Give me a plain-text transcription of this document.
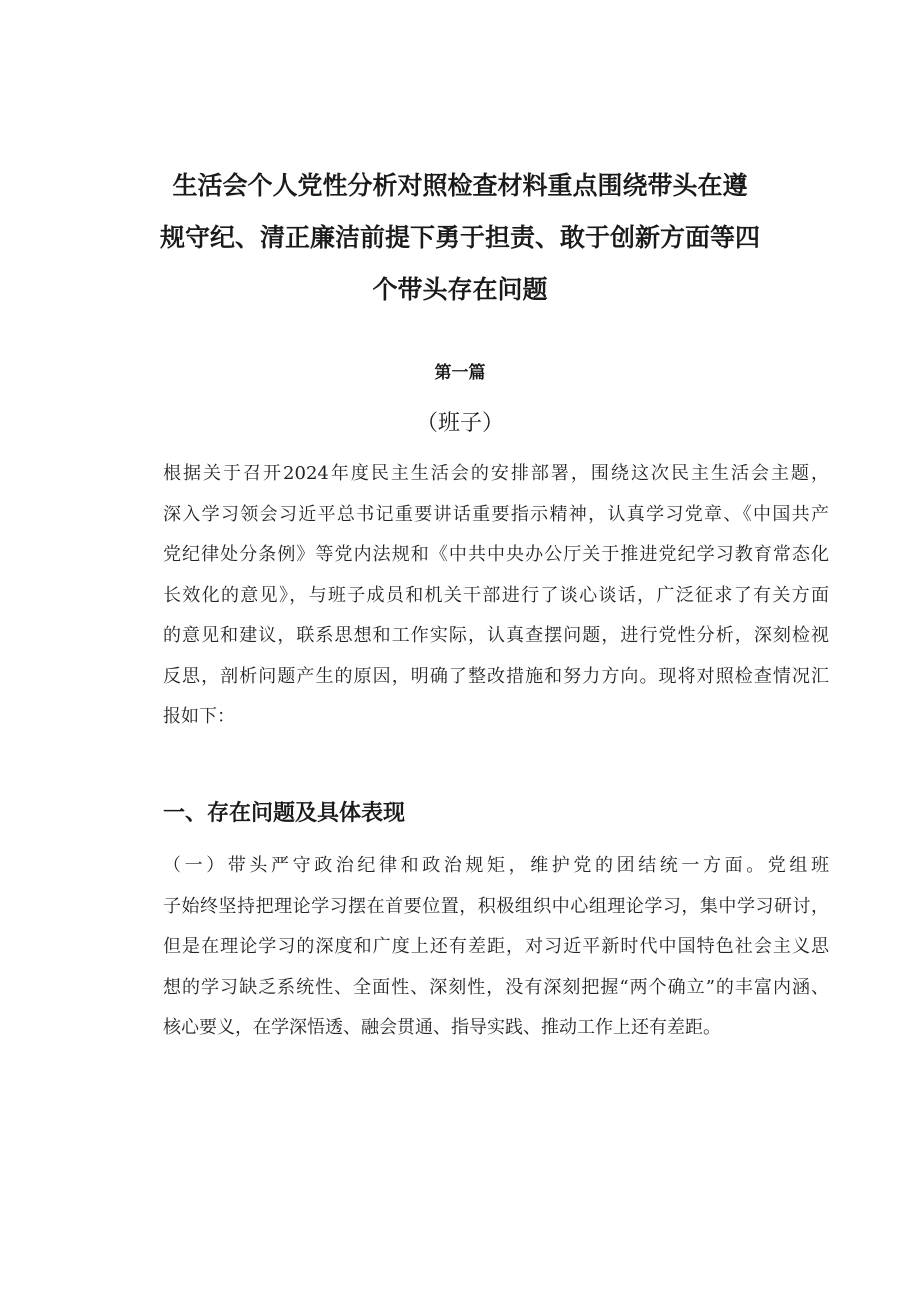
生活会个人党性分析对照检查材料重点围绕带头在遵
规守纪、清正廉洁前提下勇于担责、敢于创新方面等四
个带头存在问题
第一篇
（班子）

根据关于召开2024年度民主生活会的安排部署，围绕这次民主生活会主题，
深入学习领会习近平总书记重要讲话重要指示精神，认真学习党章、《中国共产
党纪律处分条例》等党内法规和《中共中央办公厅关于推进党纪学习教育常态化
长效化的意见》，与班子成员和机关干部进行了谈心谈话，广泛征求了有关方面
的意见和建议，联系思想和工作实际，认真查摆问题，进行党性分析，深刻检视
反思，剖析问题产生的原因，明确了整改措施和努力方向。现将对照检查情况汇
报如下：

一、存在问题及具体表现

（一）带头严守政治纪律和政治规矩，维护党的团结统一方面。党组班
子始终坚持把理论学习摆在首要位置，积极组织中心组理论学习，集中学习研讨，
但是在理论学习的深度和广度上还有差距，对习近平新时代中国特色社会主义思
想的学习缺乏系统性、全面性、深刻性，没有深刻把握“两个确立”的丰富内涵、
核心要义，在学深悟透、融会贯通、指导实践、推动工作上还有差距。
